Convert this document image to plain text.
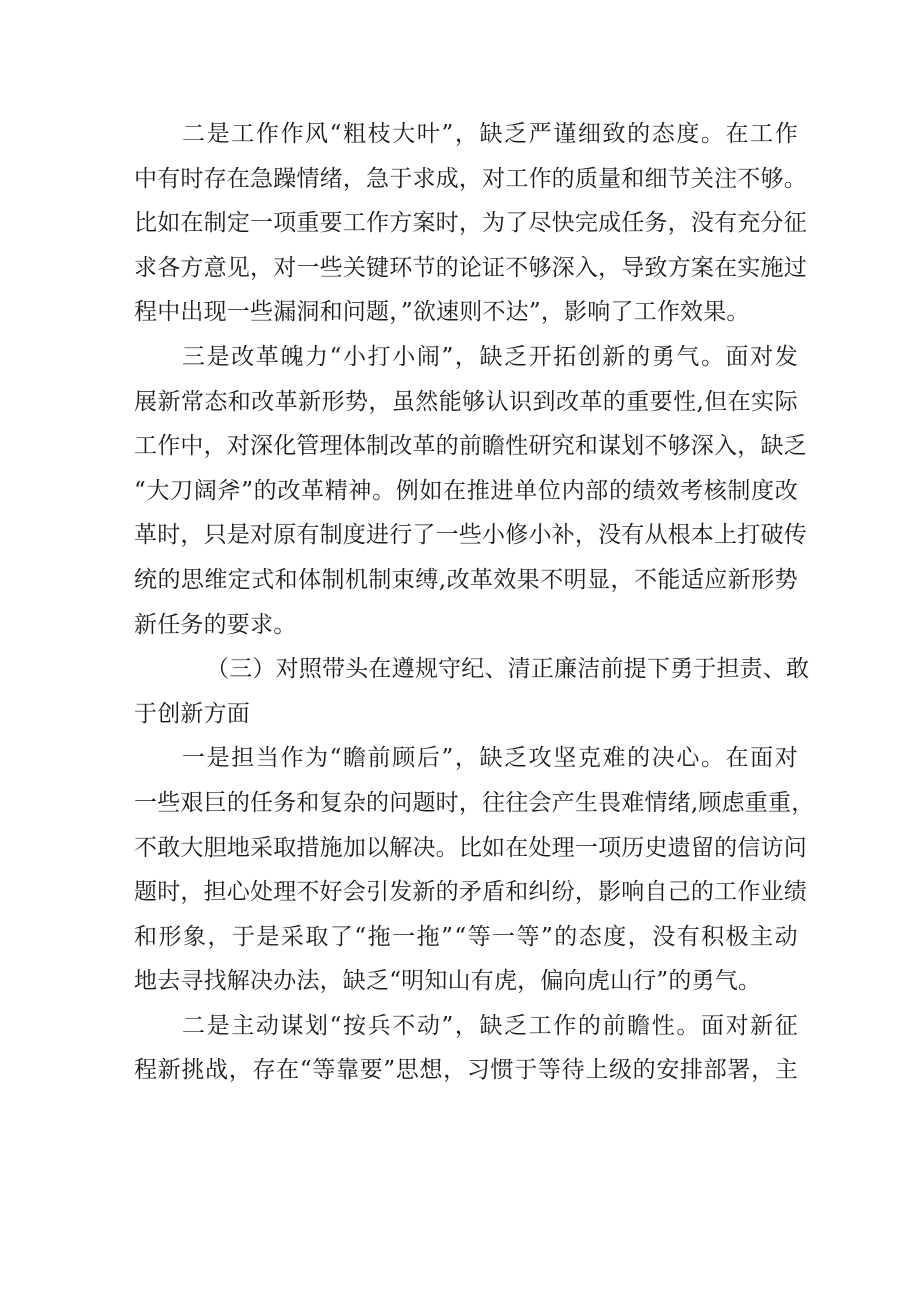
二 是 工 作 作 风 “ 粗 枝 大 叶 ” ， 缺 乏 严 谨 细 致 的 态 度 。 在 工 作
中 有 时 存 在 急 躁 情 绪 ， 急 于 求 成 ， 对 工 作 的 质 量 和 细 节 关 注 不 够 。
比 如 在 制 定 一 项 重 要 工 作 方 案 时 ， 为 了 尽 快 完 成 任 务 ， 没 有 充 分 征
求 各 方 意 见 ， 对 一 些 关 键 环 节 的 论 证 不 够 深 入 ， 导 致 方 案 在 实 施 过
程中出现一些漏洞和问题，”欲速则不达”，影响了工作效果。
三 是 改 革 魄 力 “ 小 打 小 闹 ” ， 缺 乏 开 拓 创 新 的 勇 气 。 面 对 发
展 新 常 态 和 改 革 新 形 势 ， 虽 然 能 够 认 识 到 改 革 的 重 要 性 , 但 在 实 际
工 作 中 ， 对 深 化 管 理 体 制 改 革 的 前 瞻 性 研 究 和 谋 划 不 够 深 入 ， 缺 乏
“ 大 刀 阔 斧 ” 的 改 革 精 神 。 例 如 在 推 进 单 位 内 部 的 绩 效 考 核 制 度 改
革 时 ， 只 是 对 原 有 制 度 进 行 了 一 些 小 修 小 补 ， 没 有 从 根 本 上 打 破 传
统 的 思 维 定 式 和 体 制 机 制 束 缚 , 改 革 效 果 不 明 显 ， 不 能 适 应 新 形 势
新任务的要求。
（ 三 ） 对 照 带 头 在 遵 规 守 纪 、 清 正 廉 洁 前 提 下 勇 于 担 责 、 敢
于创新方面
一 是 担 当 作 为 “ 瞻 前 顾 后 ” ， 缺 乏 攻 坚 克 难 的 决 心 。 在 面 对
一 些 艰 巨 的 任 务 和 复 杂 的 问 题 时 ， 往 往 会 产 生 畏 难 情 绪 , 顾 虑 重 重 ，
不 敢 大 胆 地 采 取 措 施 加 以 解 决 。 比 如 在 处 理 一 项 历 史 遗 留 的 信 访 问
题 时 ， 担 心 处 理 不 好 会 引 发 新 的 矛 盾 和 纠 纷 ， 影 响 自 己 的 工 作 业 绩
和 形 象 ， 于 是 采 取 了 “ 拖 一 拖 ” “ 等 一 等 ” 的 态 度 ， 没 有 积 极 主 动
地去寻找解决办法，缺乏“明知山有虎，偏向虎山行”的勇气。
二 是 主 动 谋 划 “ 按 兵 不 动 ” ， 缺 乏 工 作 的 前 瞻 性 。 面 对 新 征
程 新 挑 战 ， 存 在 “ 等 靠 要 ” 思 想 ， 习 惯 于 等 待 上 级 的 安 排 部 署 ， 主
